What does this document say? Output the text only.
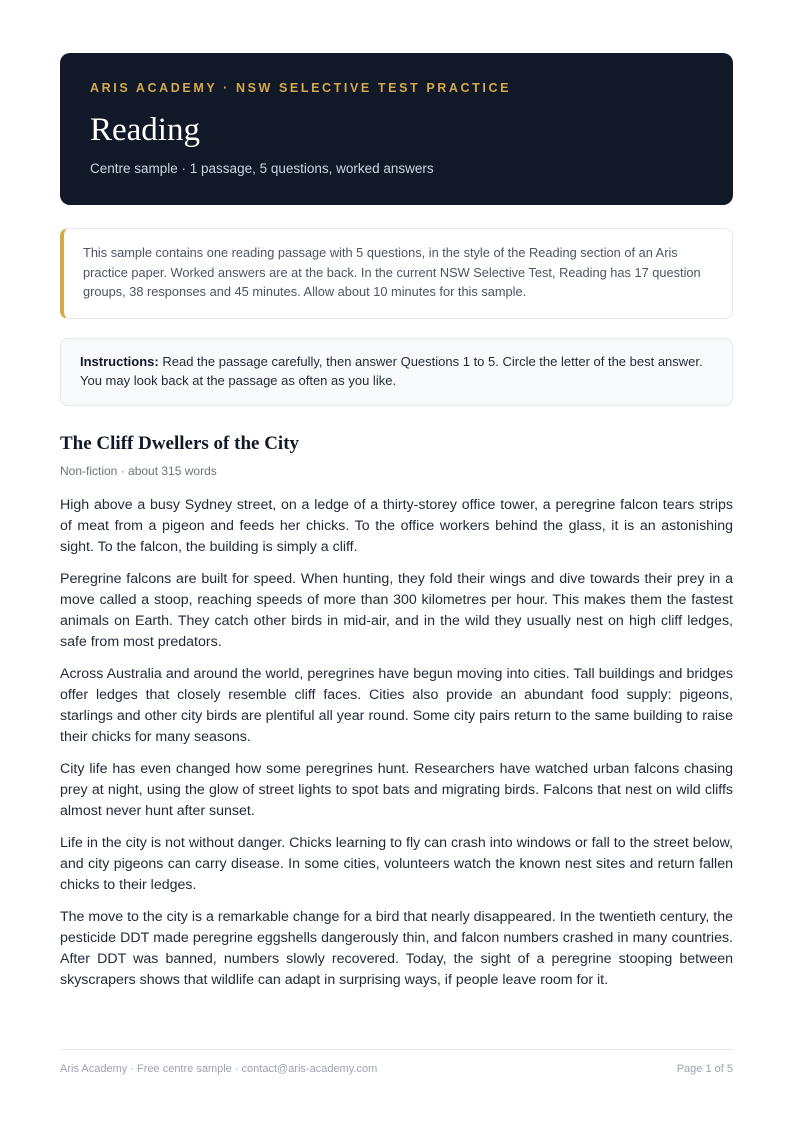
ARIS ACADEMY · NSW SELECTIVE TEST PRACTICE
Reading
Centre sample · 1 passage, 5 questions, worked answers
This sample contains one reading passage with 5 questions, in the style of the Reading section of an Aris practice paper. Worked answers are at the back. In the current NSW Selective Test, Reading has 17 question groups, 38 responses and 45 minutes. Allow about 10 minutes for this sample.
Instructions: Read the passage carefully, then answer Questions 1 to 5. Circle the letter of the best answer. You may look back at the passage as often as you like.
The Cliff Dwellers of the City
Non-fiction · about 315 words

High above a busy Sydney street, on a ledge of a thirty-storey office tower, a peregrine falcon tears strips of meat from a pigeon and feeds her chicks. To the office workers behind the glass, it is an astonishing sight. To the falcon, the building is simply a cliff.

Peregrine falcons are built for speed. When hunting, they fold their wings and dive towards their prey in a move called a stoop, reaching speeds of more than 300 kilometres per hour. This makes them the fastest animals on Earth. They catch other birds in mid-air, and in the wild they usually nest on high cliff ledges, safe from most predators.

Across Australia and around the world, peregrines have begun moving into cities. Tall buildings and bridges offer ledges that closely resemble cliff faces. Cities also provide an abundant food supply: pigeons, starlings and other city birds are plentiful all year round. Some city pairs return to the same building to raise their chicks for many seasons.

City life has even changed how some peregrines hunt. Researchers have watched urban falcons chasing prey at night, using the glow of street lights to spot bats and migrating birds. Falcons that nest on wild cliffs almost never hunt after sunset.

Life in the city is not without danger. Chicks learning to fly can crash into windows or fall to the street below, and city pigeons can carry disease. In some cities, volunteers watch the known nest sites and return fallen chicks to their ledges.

The move to the city is a remarkable change for a bird that nearly disappeared. In the twentieth century, the pesticide DDT made peregrine eggshells dangerously thin, and falcon numbers crashed in many countries. After DDT was banned, numbers slowly recovered. Today, the sight of a peregrine stooping between skyscrapers shows that wildlife can adapt in surprising ways, if people leave room for it.

Aris Academy · Free centre sample · contact@aris-academy.com	Page 1 of 5
